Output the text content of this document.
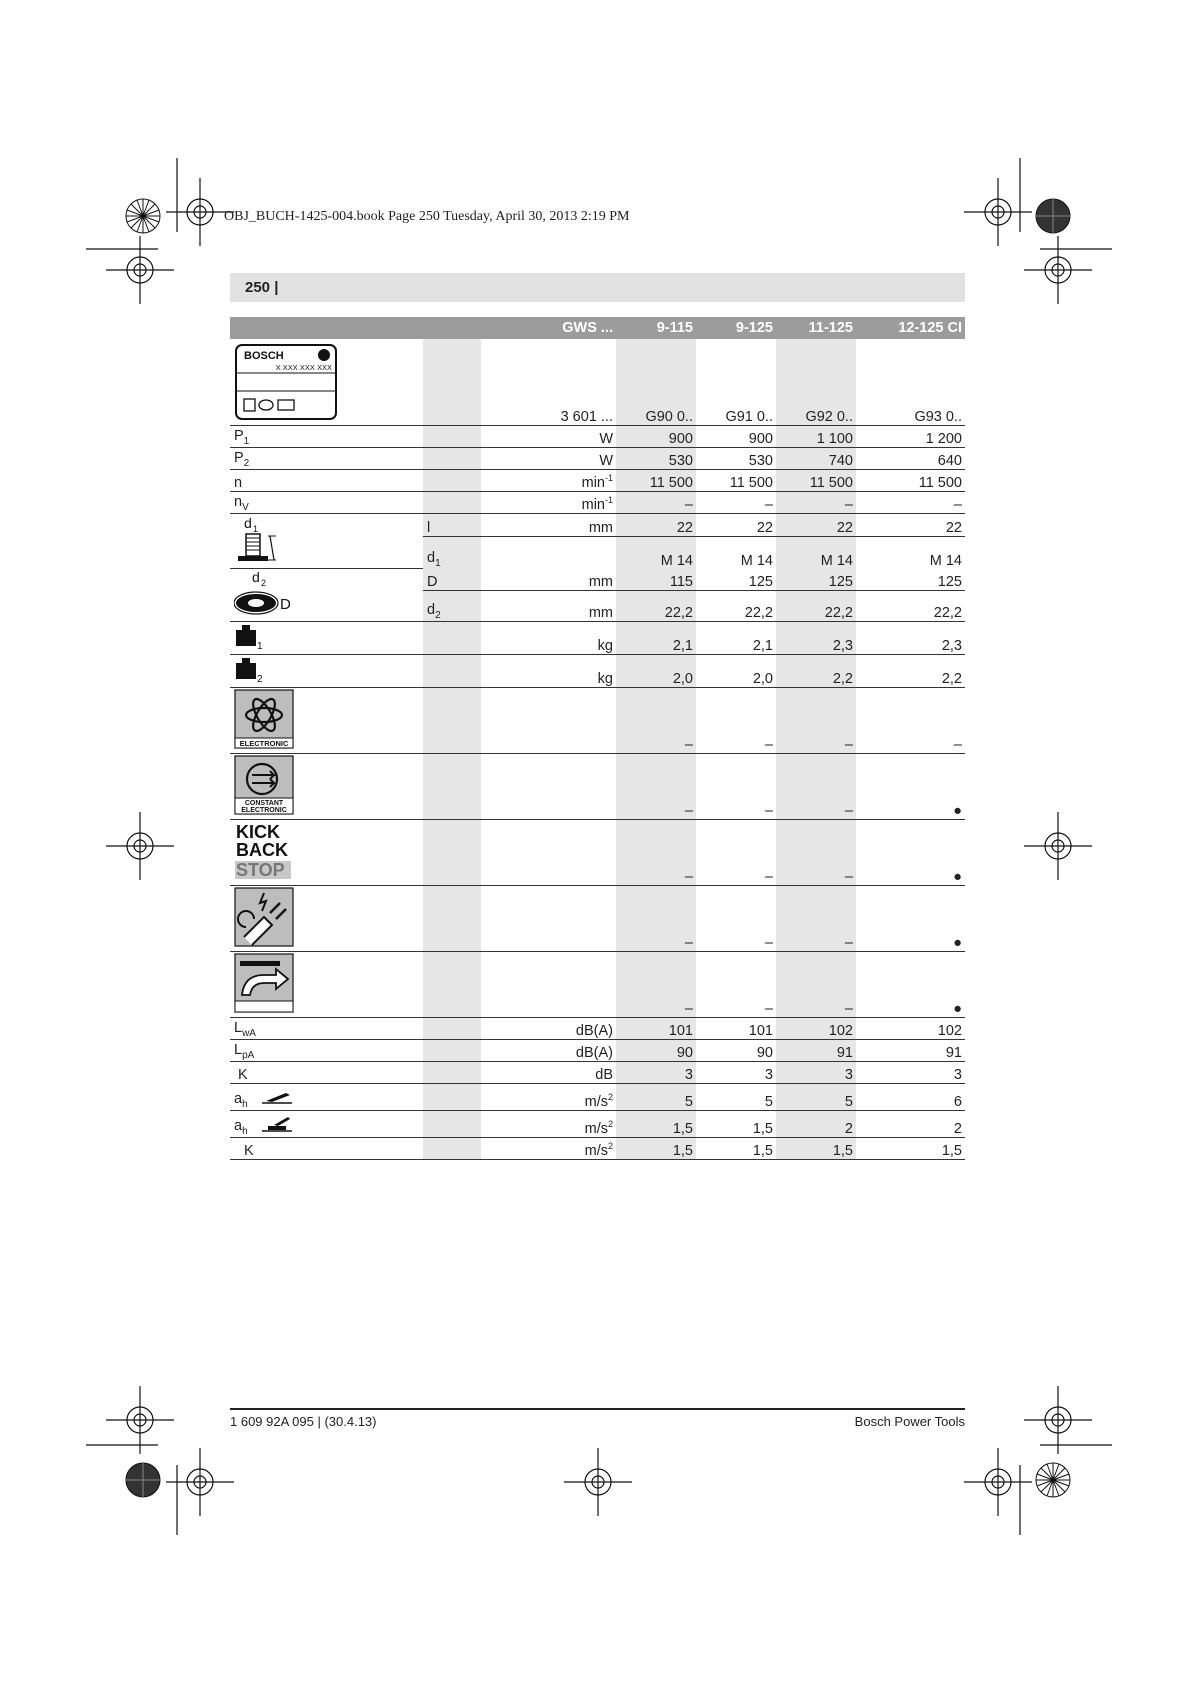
OBJ_BUCH-1425-004.book Page 250 Tuesday, April 30, 2013 2:19 PM
250 |
		GWS ...	9-115	9-125	11-125	12-125 CI	

BOSCH
X XXX XXX XXX		3 601 ...	G90 0..	G91 0..	G92 0..	G93 0..	
$P_1$		W	900	900	1 100	1 200	
$P_2$		W	530	530	740	640	
n		$\min^{-1}$	11 500	11 500	11 500	11 500	
$n_V$		$\min^{-1}$	–	–	–	–	

d 1	l	mm	22	22	22	22	
	$d_1$		M 14	M 14	M 14	M 14	

d 2
D	D	mm	115	125	125	125	
	$d_2$	mm	22,2	22,2	22,2	22,2	

1		kg	2,1	2,1	2,3	2,3	

2		kg	2,0	2,0	2,2	2,2	

ELECTRONIC			–	–	–	–	

CONSTANT
ELECTRONIC			–	–	–	●	

KICK
BACK
STOP			–	–	–	●	
			–	–	–	●	
			–	–	–	●	
$L_{wA}$		dB(A)	101	101	102	102	
$L_{pA}$		dB(A)	90	90	91	91	
K		dB	3	3	3	3	
$a_h$		$m/s^2$	5	5	5	6	
$a_h$		$m/s^2$	1,5	1,5	2	2	
K		$m/s^2$	1,5	1,5	1,5	1,5	
1 609 92A 095 | (30.4.13)	Bosch Power Tools
